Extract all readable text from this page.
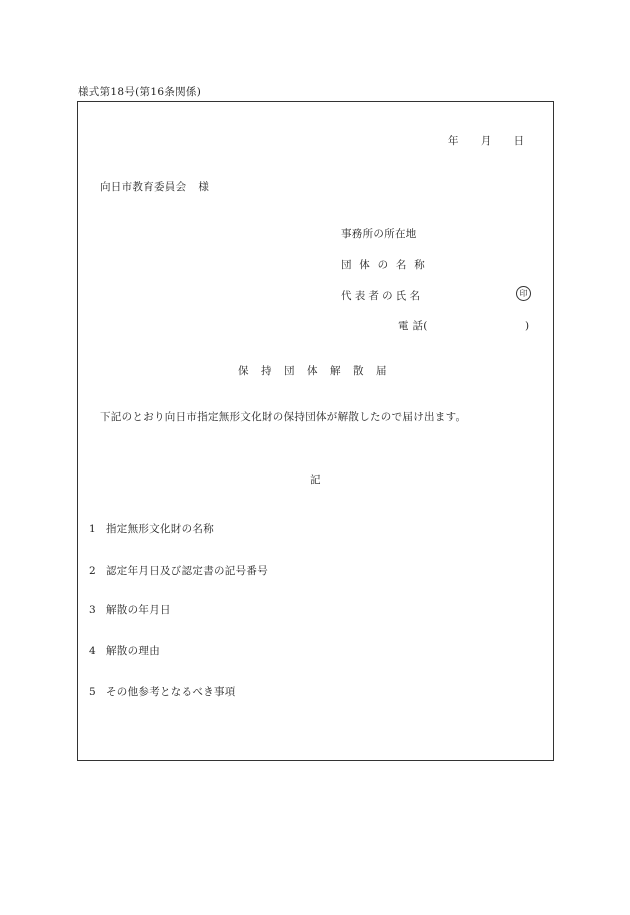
様式第18号(第16条関係)
年 月 日
向日市教育委員会 様
事務所の所在地
団体の名称
代表者の氏名	印
電 話(	)
保持団体解散届
下記のとおり向日市指定無形文化財の保持団体が解散したので届け出ます。
記
1 指定無形文化財の名称
2 認定年月日及び認定書の記号番号
3 解散の年月日
4 解散の理由
5 その他参考となるべき事項
